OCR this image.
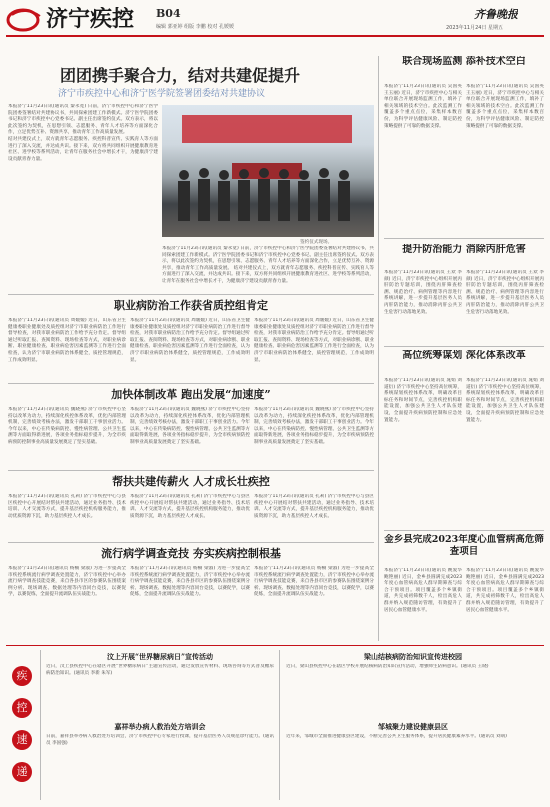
济宁疾控 B04
编辑 郭亚婷 组版 李鹏 校对 孔媛媛
齐鲁晚报
2023年11月24日 星期五
团团携手聚合力，结对共建促提升
济宁市疾控中心和济宁医学院签署团委结对共建协议
本报济宁11月23日讯(通讯员 秦永宽) 日前，济宁市疾控中心和济宁医学院团委签署结对共建协议书，共同探索团建工作新模式。济宁医学院团委书记和济宁市疾控中心党委书记、副主任出席签约仪式。双方表示，将以此次签约为契机，在思想引领、志愿服务、青年人才培养等方面深化合作，立足优势互补、资源共享，推动青年工作高质量发展。
结对共建仪式上，双方就青年志愿服务、疾控科普宣传、实践育人等方面进行了深入交流，并达成共识。接下来，双方将共同组织开展健康教育进社区、进学校等系列活动，让青年在服务社会中增长才干，为健康济宁建设贡献青春力量。
签约仪式现场。
本报济宁11月23日讯(通讯员 秦永宽) 日前，济宁市疾控中心和济宁医学院团委签署结对共建协议书，共同探索团建工作新模式。济宁医学院团委书记和济宁市疾控中心党委书记、副主任出席签约仪式。双方表示，将以此次签约为契机，在思想引领、志愿服务、青年人才培养等方面深化合作，立足优势互补、资源共享，推动青年工作高质量发展。 结对共建仪式上，双方就青年志愿服务、疾控科普宣传、实践育人等方面进行了深入交流，并达成共识。接下来，双方将共同组织开展健康教育进社区、进学校等系列活动，让青年在服务社会中增长才干，为健康济宁建设贡献青春力量。
联合现场监测 添补技术空白
本报济宁11月23日讯(通讯员 吴国英 王玉丽) 近日，济宁市疾控中心与相关单位联合开展现场监测工作，填补了相关领域的技术空白。此次监测工作覆盖多个重点点位，采集样本数百份，为科学评估健康风险、制定防控策略提供了可靠的数据支撑。
本报济宁11月23日讯(通讯员 吴国英 王玉丽) 近日，济宁市疾控中心与相关单位联合开展现场监测工作，填补了相关领域的技术空白。此次监测工作覆盖多个重点点位，采集样本数百份，为科学评估健康风险、制定防控策略提供了可靠的数据支撑。
提升防治能力 消除丙肝危害
本报济宁11月23日讯(通讯员 王欢 李颜) 近日，济宁市疾控中心组织开展丙肝防治专题培训，围绕丙肝筛查检测、规范治疗、病例管理等内容进行系统讲解，进一步提升基层医务人员丙肝防治能力，推动消除丙肝公共卫生危害行动落地见效。
本报济宁11月23日讯(通讯员 王欢 李颜) 近日，济宁市疾控中心组织开展丙肝防治专题培训，围绕丙肝筛查检测、规范治疗、病例管理等内容进行系统讲解，进一步提升基层医务人员丙肝防治能力，推动消除丙肝公共卫生危害行动落地见效。
职业病防治工作获省质控组肯定
本报济宁11月23日讯(通讯员 周媛媛) 近日，山东省卫生健康委职业健康处及质控组对济宁市职业病防治工作进行督导检查，对我市职业病防治工作给予充分肯定。督导组通过听取汇报、查阅资料、现场检查等方式，对职业病诊断、职业健康检查、职业病危害因素监测等工作进行全面检查，认为济宁市职业病防治体系健全，质控管理规范，工作成效明显。
本报济宁11月23日讯(通讯员 周媛媛) 近日，山东省卫生健康委职业健康处及质控组对济宁市职业病防治工作进行督导检查，对我市职业病防治工作给予充分肯定。督导组通过听取汇报、查阅资料、现场检查等方式，对职业病诊断、职业健康检查、职业病危害因素监测等工作进行全面检查，认为济宁市职业病防治体系健全，质控管理规范，工作成效明显。
本报济宁11月23日讯(通讯员 周媛媛) 近日，山东省卫生健康委职业健康处及质控组对济宁市职业病防治工作进行督导检查，对我市职业病防治工作给予充分肯定。督导组通过听取汇报、查阅资料、现场检查等方式，对职业病诊断、职业健康检查、职业病危害因素监测等工作进行全面检查，认为济宁市职业病防治体系健全，质控管理规范，工作成效明显。
加快体制改革 跑出发展“加速度”
本报济宁11月23日讯(通讯员 魏晓燕) 济宁市疾控中心坚持以改革为动力，持续深化疾控体系改革，优化内部管理机制，完善绩效考核办法，激发干部职工干事创业活力。今年以来，中心在传染病防控、慢性病管理、公共卫生监测等方面取得新进展，各项业务指标稳步提升，为全市疾病预防控制事业高质量发展奠定了坚实基础。
本报济宁11月23日讯(通讯员 魏晓燕) 济宁市疾控中心坚持以改革为动力，持续深化疾控体系改革，优化内部管理机制，完善绩效考核办法，激发干部职工干事创业活力。今年以来，中心在传染病防控、慢性病管理、公共卫生监测等方面取得新进展，各项业务指标稳步提升，为全市疾病预防控制事业高质量发展奠定了坚实基础。
本报济宁11月23日讯(通讯员 魏晓燕) 济宁市疾控中心坚持以改革为动力，持续深化疾控体系改革，优化内部管理机制，完善绩效考核办法，激发干部职工干事创业活力。今年以来，中心在传染病防控、慢性病管理、公共卫生监测等方面取得新进展，各项业务指标稳步提升，为全市疾病预防控制事业高质量发展奠定了坚实基础。
帮扶共建传薪火 人才成长壮疾控
本报济宁11月23日讯(通讯员 孔莉) 济宁市疾控中心与县区疾控中心开展结对帮扶共建活动，通过业务指导、技术培训、人才交流等方式，提升基层疾控机构服务能力，推动优质资源下沉，助力基层疾控人才成长。
本报济宁11月23日讯(通讯员 孔莉) 济宁市疾控中心与县区疾控中心开展结对帮扶共建活动，通过业务指导、技术培训、人才交流等方式，提升基层疾控机构服务能力，推动优质资源下沉，助力基层疾控人才成长。
本报济宁11月23日讯(通讯员 孔莉) 济宁市疾控中心与县区疾控中心开展结对帮扶共建活动，通过业务指导、技术培训、人才交流等方式，提升基层疾控机构服务能力，推动优质资源下沉，助力基层疾控人才成长。
流行病学调查竞技 夯实疾病控制根基
本报济宁11月23日讯(通讯员 杨楠 梁淑) 为进一步提高全市疾控系统流行病学调查处置能力，济宁市疾控中心举办流行病学调查技能竞赛，来自各县市区的参赛队伍围绕案例分析、现场调查、数据处理等内容同台竞技，以赛促学，以赛促练，全面提升流调队伍实战能力。
本报济宁11月23日讯(通讯员 杨楠 梁淑) 为进一步提高全市疾控系统流行病学调查处置能力，济宁市疾控中心举办流行病学调查技能竞赛，来自各县市区的参赛队伍围绕案例分析、现场调查、数据处理等内容同台竞技，以赛促学，以赛促练，全面提升流调队伍实战能力。
本报济宁11月23日讯(通讯员 杨楠 梁淑) 为进一步提高全市疾控系统流行病学调查处置能力，济宁市疾控中心举办流行病学调查技能竞赛，来自各县市区的参赛队伍围绕案例分析、现场调查、数据处理等内容同台竞技，以赛促学，以赛促练，全面提升流调队伍实战能力。
高位统筹谋划 深化体系改革
本报济宁11月23日讯(通讯员 晁娟 刘道衍) 济宁市疾控中心坚持高位统筹，系统谋划疾控体系改革，明确改革目标任务和时间节点，完善疾控机构职能设置，加强公共卫生人才队伍建设，全面提升疾病预防控制和应急处置能力。
本报济宁11月23日讯(通讯员 晁娟 刘道衍) 济宁市疾控中心坚持高位统筹，系统谋划疾控体系改革，明确改革目标任务和时间节点，完善疾控机构职能设置，加强公共卫生人才队伍建设，全面提升疾病预防控制和应急处置能力。
金乡县完成2023年度心血管病高危筛查项目
本报济宁11月23日讯(通讯员 姚爱华 鲍艳丽) 近日，金乡县圆满完成2023年度心血管病高危人群早期筛查与综合干预项目。项目覆盖多个乡镇街道，共完成初筛数千人，检出高危人群并纳入规范随访管理，有效提升了居民心血管健康水平。
本报济宁11月23日讯(通讯员 姚爱华 鲍艳丽) 近日，金乡县圆满完成2023年度心血管病高危人群早期筛查与综合干预项目。项目覆盖多个乡镇街道，共完成初筛数千人，检出高危人群并纳入规范随访管理，有效提升了居民心血管健康水平。
疾
控
速
递
汶上开展“世界糖尿病日”宣传活动
近日，汶上县疾控中心在辖区开展“世界糖尿病日”主题宣传活动，通过发放宣传材料、现场咨询等方式普及糖尿病防治知识。(通讯员 李新 朱军)
嘉祥举办病人救治处方培训会
日前，嘉祥县举办病人救治处方培训会，济宁市疾控中心专家进行授课，提升基层医务人员规范诊疗能力。(通讯员 李国强)
梁山结核病防治知识宣传进校园
近日，梁山县疾控中心在辖区学校开展结核病防治知识宣传活动，增强师生防病意识。(通讯员 王晓)
邹城聚力建设健康县区
近年来，邹城市全面推进健康县区建设，不断完善公共卫生服务体系，提升居民健康素养水平。(通讯员 刘萌)
